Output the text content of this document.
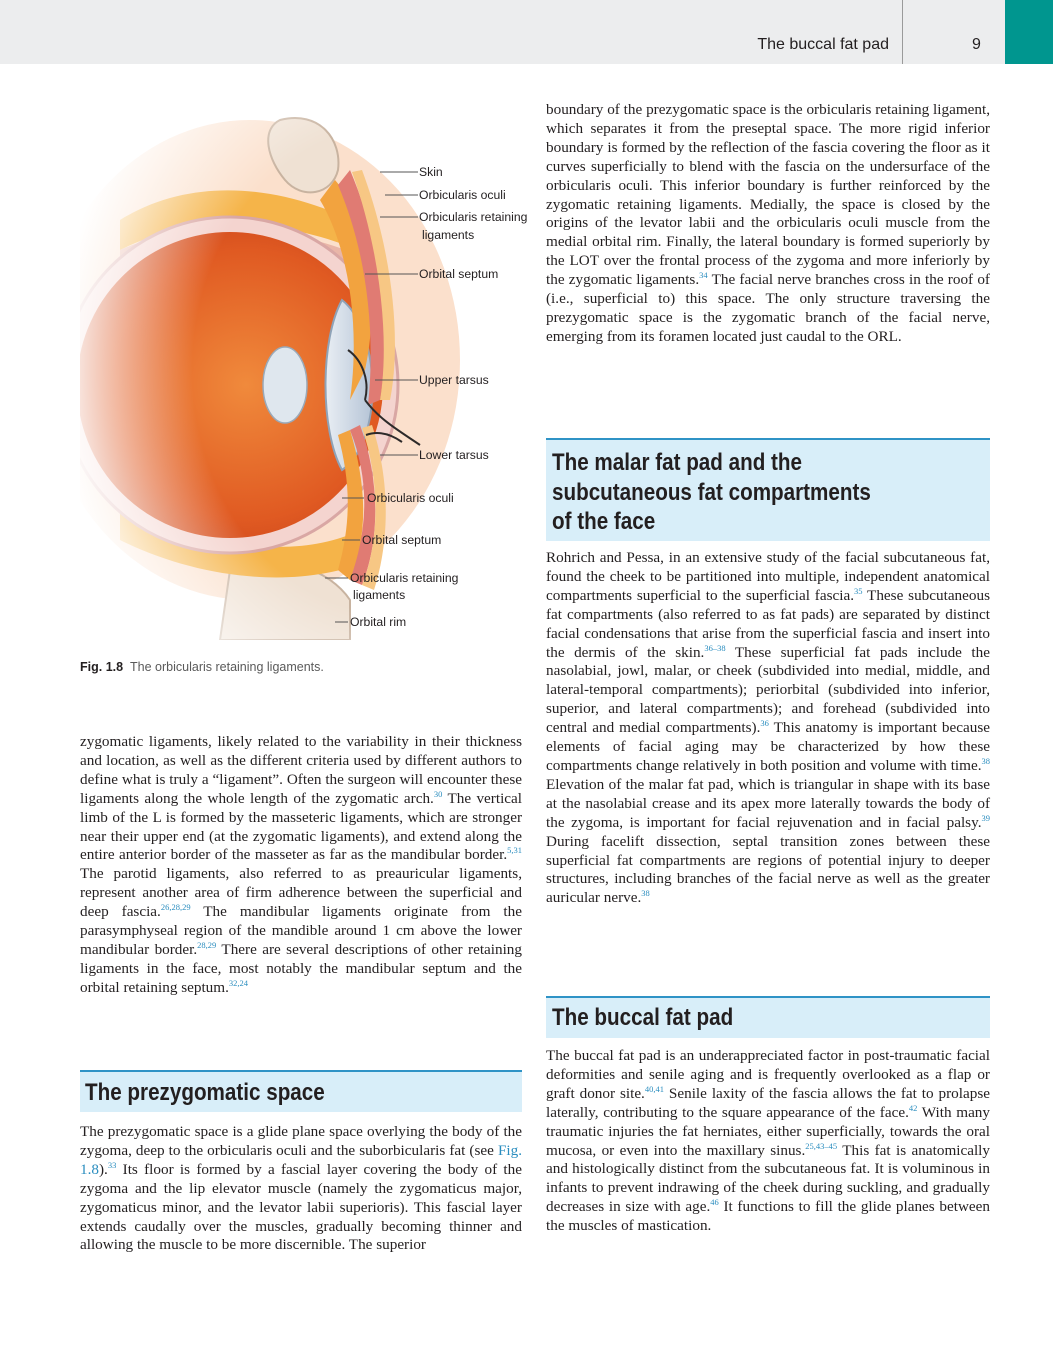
The buccal fat pad	9
Skin
Orbicularis oculi
Orbicularis retaining
ligaments
Orbital septum
Upper tarsus
Lower tarsus
Orbicularis oculi
Orbital septum
Orbicularis retaining
ligaments
Orbital rim
Fig. 1.8 The orbicularis retaining ligaments.

zygomatic ligaments, likely related to the variability in their thickness and location, as well as the different criteria used by different authors to define what is truly a “ligament”. Often the surgeon will encounter these ligaments along the whole length of the zygomatic arch.$^{30}$ The vertical limb of the L is formed by the masseteric ligaments, which are stronger near their upper end (at the zygomatic ligaments), and extend along the entire anterior border of the masseter as far as the mandibular border.$^{5,31}$ The parotid ligaments, also referred to as preauricular ligaments, represent another area of firm adherence between the superficial and deep fascia.$^{26,28,29}$ The mandibular ligaments originate from the parasymphyseal region of the mandible around 1 cm above the lower mandibular border.$^{28,29}$ There are several descriptions of other retaining ligaments in the face, most notably the mandibular septum and the orbital retaining septum.$^{32,24}$

The prezygomatic space

The prezygomatic space is a glide plane space overlying the body of the zygoma, deep to the orbicularis oculi and the suborbicularis fat (see Fig. 1.8).$^{33}$ Its floor is formed by a fascial layer covering the body of the zygoma and the lip elevator muscle (namely the zygomaticus major, zygomaticus minor, and the levator labii superioris). This fascial layer extends caudally over the muscles, gradually becoming thinner and allowing the muscle to be more discernible. The superior

boundary of the prezygomatic space is the orbicularis retaining ligament, which separates it from the preseptal space. The more rigid inferior boundary is formed by the reflection of the fascia covering the floor as it curves superficially to blend with the fascia on the undersurface of the orbicularis oculi. This inferior boundary is further reinforced by the zygomatic retaining ligaments. Medially, the space is closed by the origins of the levator labii and the orbicularis oculi muscle from the medial orbital rim. Finally, the lateral boundary is formed superiorly by the LOT over the frontal process of the zygoma and more inferiorly by the zygomatic ligaments.$^{34}$ The facial nerve branches cross in the roof of (i.e., superficial to) this space. The only structure traversing the prezygomatic space is the zygomatic branch of the facial nerve, emerging from its foramen located just caudal to the ORL.

The malar fat pad and the
subcutaneous fat compartments
of the face

Rohrich and Pessa, in an extensive study of the facial subcutaneous fat, found the cheek to be partitioned into multiple, independent anatomical compartments superficial to the superficial fascia.$^{35}$ These subcutaneous fat compartments (also referred to as fat pads) are separated by distinct facial condensations that arise from the superficial fascia and insert into the dermis of the skin.$^{36-38}$ These superficial fat pads include the nasolabial, jowl, malar, or cheek (subdivided into medial, middle, and lateral-temporal compartments); periorbital (subdivided into inferior, superior, and lateral compartments); and forehead (subdivided into central and medial compartments).$^{36}$ This anatomy is important because elements of facial aging may be characterized by how these compartments change relatively in both position and volume with time.$^{38}$ Elevation of the malar fat pad, which is triangular in shape with its base at the nasolabial crease and its apex more laterally towards the body of the zygoma, is important for facial rejuvenation and in facial palsy.$^{39}$ During facelift dissection, septal transition zones between these superficial fat compartments are regions of potential injury to deeper structures, including branches of the facial nerve as well as the greater auricular nerve.$^{38}$

The buccal fat pad

The buccal fat pad is an underappreciated factor in post-traumatic facial deformities and senile aging and is frequently overlooked as a flap or graft donor site.$^{40,41}$ Senile laxity of the fascia allows the fat to prolapse laterally, contributing to the square appearance of the face.$^{42}$ With many traumatic injuries the fat herniates, either superficially, towards the oral mucosa, or even into the maxillary sinus.$^{25,43-45}$ This fat is anatomically and histologically distinct from the subcutaneous fat. It is voluminous in infants to prevent indrawing of the cheek during suckling, and gradually decreases in size with age.$^{46}$ It functions to fill the glide planes between the muscles of mastication.
